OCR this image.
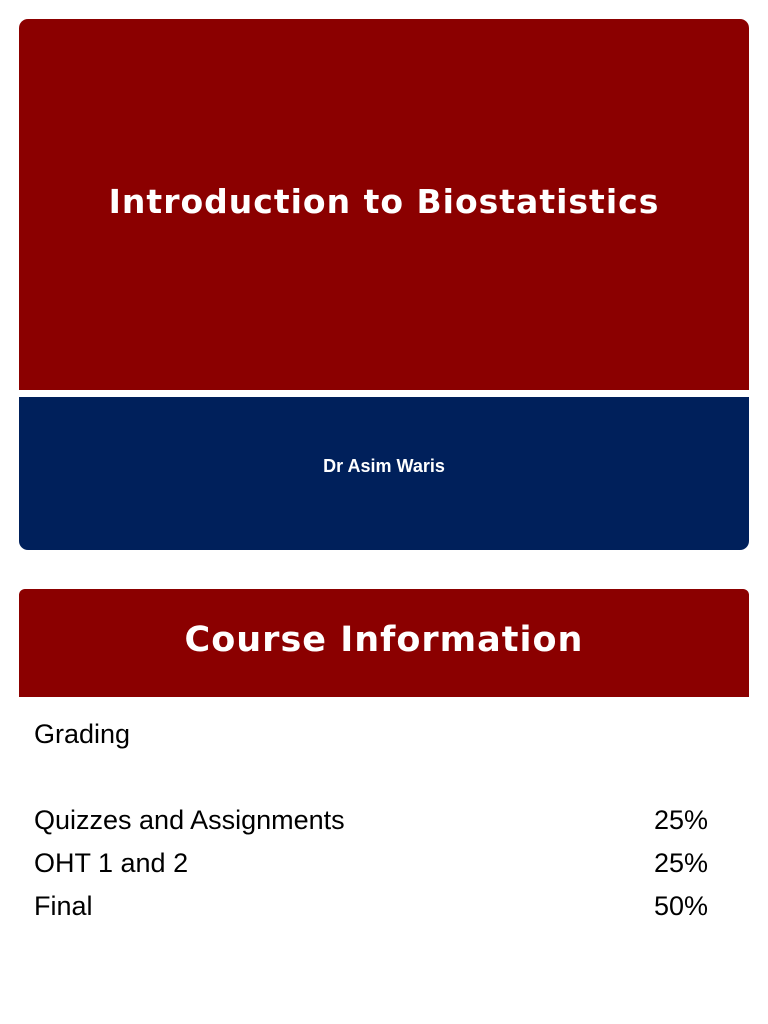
Introduction to Biostatistics
Dr Asim Waris
Course Information
Grading
Quizzes and Assignments	25%
OHT 1 and 2	25%
Final	50%
